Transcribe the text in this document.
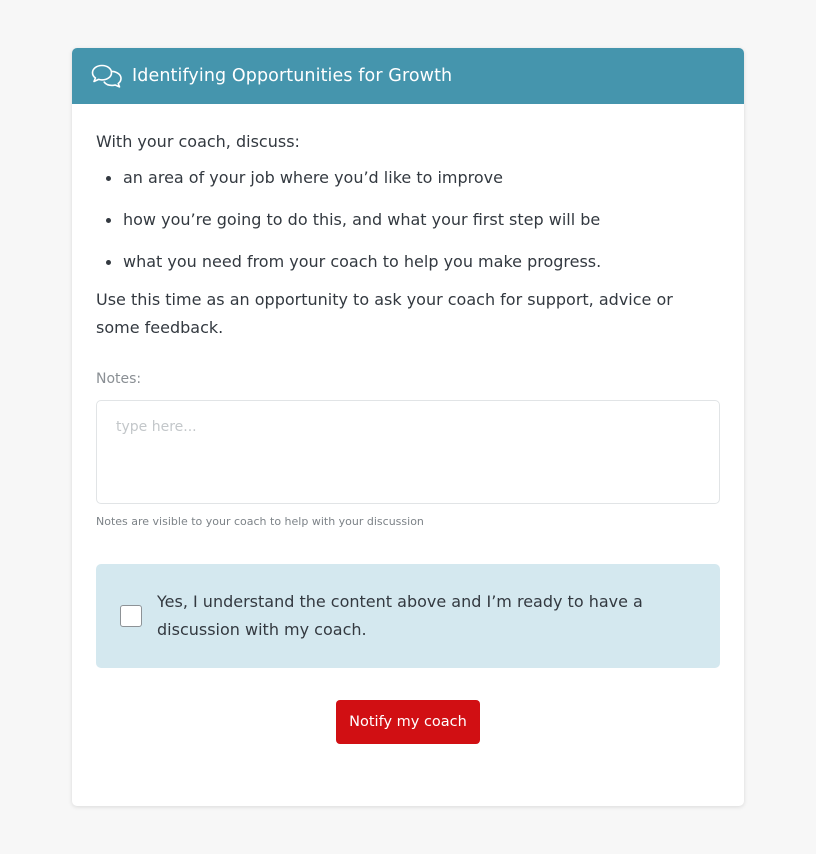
Identifying Opportunities for Growth

With your coach, discuss:

an area of your job where you’d like to improve
how you’re going to do this, and what your first step will be
what you need from your coach to help you make progress.

Use this time as an opportunity to ask your coach for support, advice or some feedback.

Notes:
type here...
Notes are visible to your coach to help with your discussion
Yes, I understand the content above and I’m ready to have a discussion with my coach.
Notify my coach
